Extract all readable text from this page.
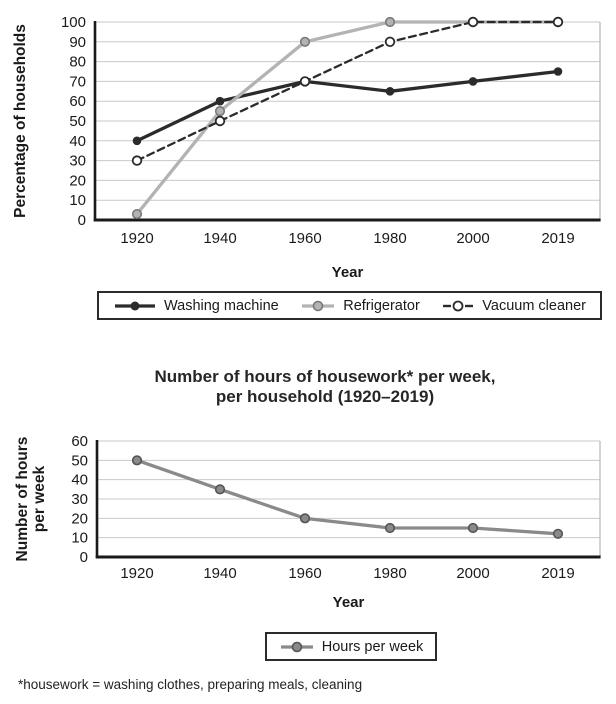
0
10
20
30
40
50
60
70
80
90
100
1920	1940	1960	1980	2000	2019
Year
Percentage of households
Washing machine	Refrigerator	Vacuum cleaner
Number of hours of housework* per week,
per household (1920–2019)
0
10
20
30
40
50
60
1920	1940	1960	1980	2000	2019
Year
Number of hours per week
Hours per week
*housework = washing clothes, preparing meals, cleaning
